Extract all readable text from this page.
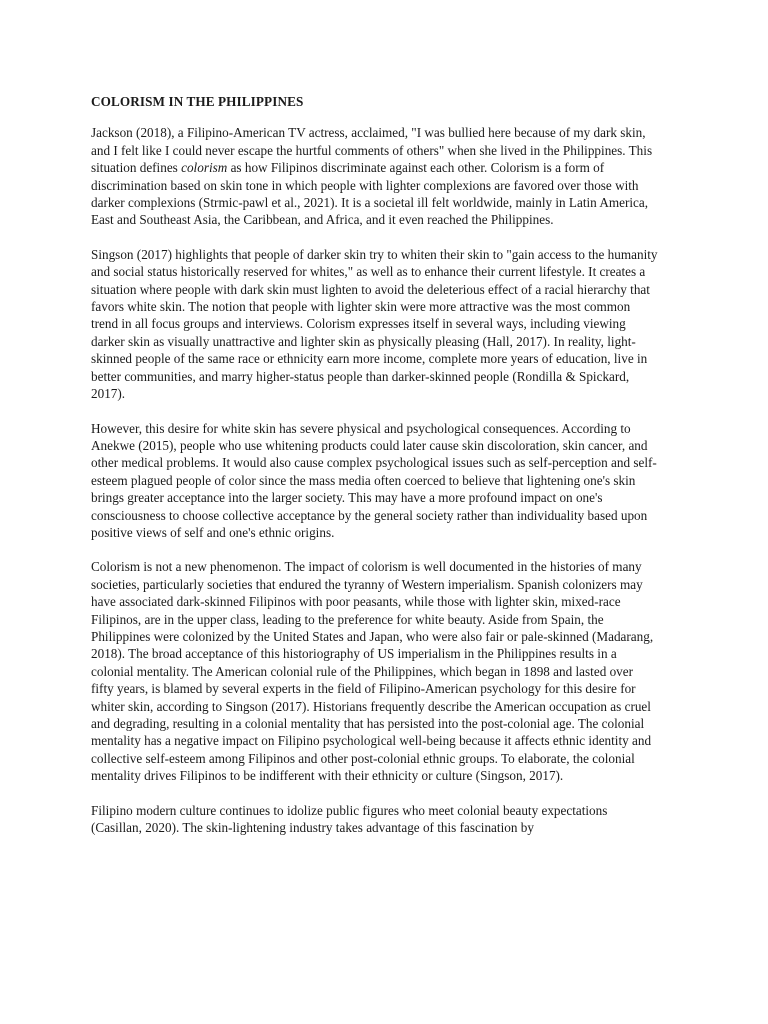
COLORISM IN THE PHILIPPINES

Jackson (2018), a Filipino-American TV actress, acclaimed, "I was bullied here because of my dark skin, and I felt like I could never escape the hurtful comments of others" when she lived in the Philippines. This situation defines colorism as how Filipinos discriminate against each other. Colorism is a form of discrimination based on skin tone in which people with lighter complexions are favored over those with darker complexions (Strmic-pawl et al., 2021). It is a societal ill felt worldwide, mainly in Latin America, East and Southeast Asia, the Caribbean, and Africa, and it even reached the Philippines.

Singson (2017) highlights that people of darker skin try to whiten their skin to "gain access to the humanity and social status historically reserved for whites," as well as to enhance their current lifestyle. It creates a situation where people with dark skin must lighten to avoid the deleterious effect of a racial hierarchy that favors white skin. The notion that people with lighter skin were more attractive was the most common trend in all focus groups and interviews. Colorism expresses itself in several ways, including viewing darker skin as visually unattractive and lighter skin as physically pleasing (Hall, 2017). In reality, light-skinned people of the same race or ethnicity earn more income, complete more years of education, live in better communities, and marry higher-status people than darker-skinned people (Rondilla & Spickard, 2017).

However, this desire for white skin has severe physical and psychological consequences. According to Anekwe (2015), people who use whitening products could later cause skin discoloration, skin cancer, and other medical problems. It would also cause complex psychological issues such as self-perception and self-esteem plagued people of color since the mass media often coerced to believe that lightening one's skin brings greater acceptance into the larger society. This may have a more profound impact on one's consciousness to choose collective acceptance by the general society rather than individuality based upon positive views of self and one's ethnic origins.

Colorism is not a new phenomenon. The impact of colorism is well documented in the histories of many societies, particularly societies that endured the tyranny of Western imperialism. Spanish colonizers may have associated dark-skinned Filipinos with poor peasants, while those with lighter skin, mixed-race Filipinos, are in the upper class, leading to the preference for white beauty. Aside from Spain, the Philippines were colonized by the United States and Japan, who were also fair or pale-skinned (Madarang, 2018). The broad acceptance of this historiography of US imperialism in the Philippines results in a colonial mentality. The American colonial rule of the Philippines, which began in 1898 and lasted over fifty years, is blamed by several experts in the field of Filipino-American psychology for this desire for whiter skin, according to Singson (2017). Historians frequently describe the American occupation as cruel and degrading, resulting in a colonial mentality that has persisted into the post-colonial age. The colonial mentality has a negative impact on Filipino psychological well-being because it affects ethnic identity and collective self-esteem among Filipinos and other post-colonial ethnic groups. To elaborate, the colonial mentality drives Filipinos to be indifferent with their ethnicity or culture (Singson, 2017).

Filipino modern culture continues to idolize public figures who meet colonial beauty expectations (Casillan, 2020). The skin-lightening industry takes advantage of this fascination by
